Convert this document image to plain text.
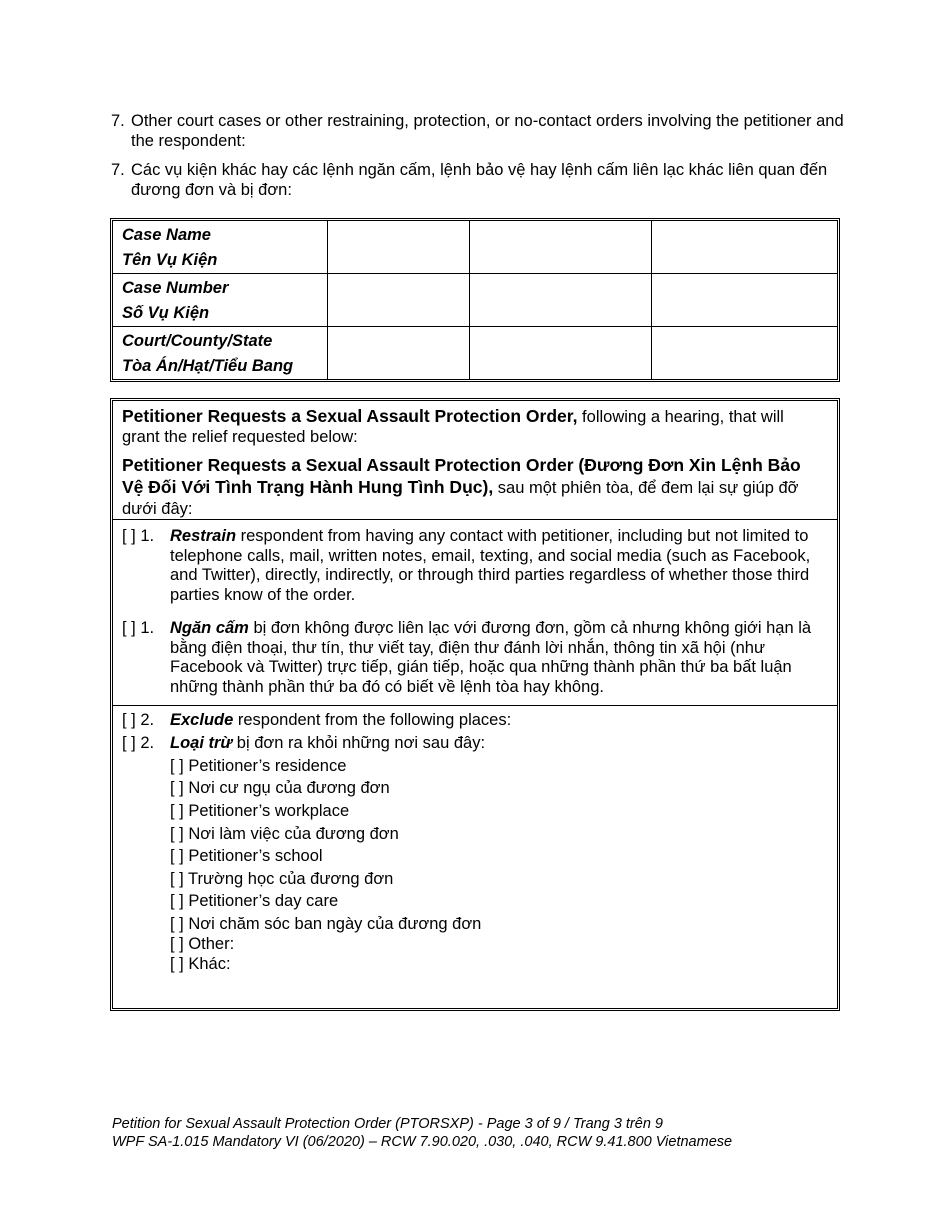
7. Other court cases or other restraining, protection, or no-contact orders involving the petitioner and the respondent:
7. Các vụ kiện khác hay các lệnh ngăn cấm, lệnh bảo vệ hay lệnh cấm liên lạc khác liên quan đến đương đơn và bị đơn:
Case Name
Tên Vụ Kiện			

Case Number
Số Vụ Kiện			

Court/County/State
Tòa Án/Hạt/Tiểu Bang			

Petitioner Requests a Sexual Assault Protection Order, following a hearing, that will grant the relief requested below:
Petitioner Requests a Sexual Assault Protection Order (Đương Đơn Xin Lệnh Bảo Vệ Đối Với Tình Trạng Hành Hung Tình Dục), sau một phiên tòa, để đem lại sự giúp đỡ dưới đây:
[ ] 1. Restrain respondent from having any contact with petitioner, including but not limited to telephone calls, mail, written notes, email, texting, and social media (such as Facebook, and Twitter), directly, indirectly, or through third parties regardless of whether those third parties know of the order.
[ ] 1. Ngăn cấm bị đơn không được liên lạc với đương đơn, gồm cả nhưng không giới hạn là bằng điện thoại, thư tín, thư viết tay, điện thư đánh lời nhắn, thông tin xã hội (như Facebook và Twitter) trực tiếp, gián tiếp, hoặc qua những thành phần thứ ba bất luận những thành phần thứ ba đó có biết về lệnh tòa hay không.
[ ] 2. Exclude respondent from the following places:
[ ] 2. Loại trừ bị đơn ra khỏi những nơi sau đây:
[ ] Petitioner’s residence
[ ] Nơi cư ngụ của đương đơn
[ ] Petitioner’s workplace
[ ] Nơi làm việc của đương đơn
[ ] Petitioner’s school
[ ] Trường học của đương đơn
[ ] Petitioner’s day care
[ ] Nơi chăm sóc ban ngày của đương đơn
[ ] Other:
[ ] Khác:
Petition for Sexual Assault Protection Order (PTORSXP) - Page 3 of 9 / Trang 3 trên 9
WPF SA-1.015 Mandatory VI (06/2020) – RCW 7.90.020, .030, .040, RCW 9.41.800 Vietnamese
